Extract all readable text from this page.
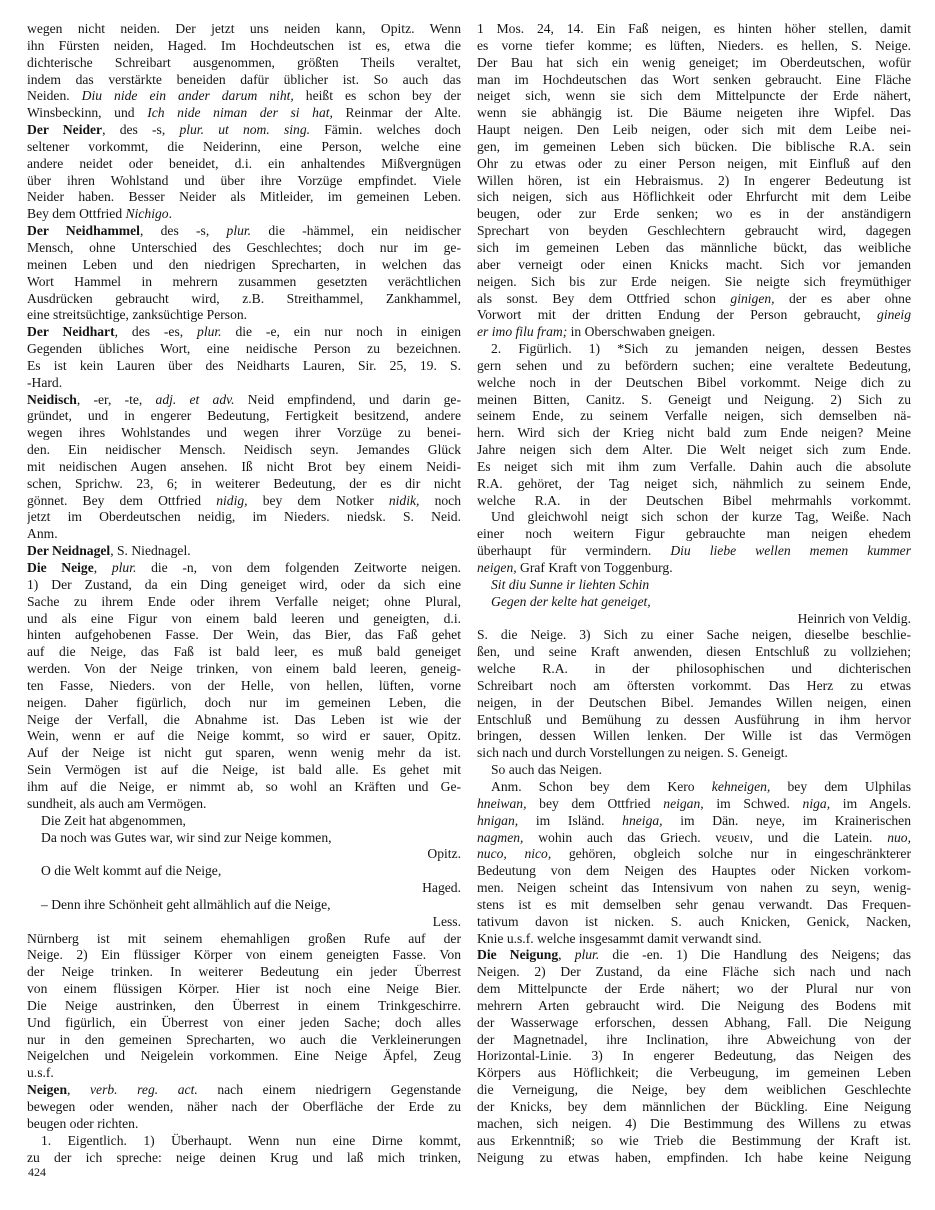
wegen nicht neiden. Der jetzt uns neiden kann, Opitz. Wenn
ihn Fürsten neiden, Haged. Im Hochdeutschen ist es, etwa die
dichterische Schreibart ausgenommen, größten Theils veraltet,
indem das verstärkte beneiden dafür üblicher ist. So auch das
Neiden. Diu nide ein ander darum niht, heißt es schon bey der
Winsbeckinn, und Ich nide niman der si hat, Reinmar der Alte.
Der Neider, des -s, plur. ut nom. sing. Fämin. welches doch
seltener vorkommt, die Neiderinn, eine Person, welche eine
andere neidet oder beneidet, d.i. ein anhaltendes Mißvergnügen
über ihren Wohlstand und über ihre Vorzüge empfindet. Viele
Neider haben. Besser Neider als Mitleider, im gemeinen Leben.
Bey dem Ottfried Nichigo.
Der Neidhammel, des -s, plur. die -hämmel, ein neidischer
Mensch, ohne Unterschied des Geschlechtes; doch nur im ge-
meinen Leben und den niedrigen Sprecharten, in welchen das
Wort Hammel in mehrern zusammen gesetzten verächtlichen
Ausdrücken gebraucht wird, z.B. Streithammel, Zankhammel,
eine streitsüchtige, zanksüchtige Person.
Der Neidhart, des -es, plur. die -e, ein nur noch in einigen
Gegenden übliches Wort, eine neidische Person zu bezeichnen.
Es ist kein Lauren über des Neidharts Lauren, Sir. 25, 19. S.
-Hard.
Neidisch, -er, -te, adj. et adv. Neid empfindend, und darin ge-
gründet, und in engerer Bedeutung, Fertigkeit besitzend, andere
wegen ihres Wohlstandes und wegen ihrer Vorzüge zu benei-
den. Ein neidischer Mensch. Neidisch seyn. Jemandes Glück
mit neidischen Augen ansehen. Iß nicht Brot bey einem Neidi-
schen, Sprichw. 23, 6; in weiterer Bedeutung, der es dir nicht
gönnet. Bey dem Ottfried nidig, bey dem Notker nidik, noch
jetzt im Oberdeutschen neidig, im Nieders. niedsk. S. Neid.
Anm.
Der Neidnagel, S. Niednagel.
Die Neige, plur. die -n, von dem folgenden Zeitworte neigen.
1) Der Zustand, da ein Ding geneiget wird, oder da sich eine
Sache zu ihrem Ende oder ihrem Verfalle neiget; ohne Plural,
und als eine Figur von einem bald leeren und geneigten, d.i.
hinten aufgehobenen Fasse. Der Wein, das Bier, das Faß gehet
auf die Neige, das Faß ist bald leer, es muß bald geneiget
werden. Von der Neige trinken, von einem bald leeren, geneig-
ten Fasse, Nieders. von der Helle, von hellen, lüften, vorne
neigen. Daher figürlich, doch nur im gemeinen Leben, die
Neige der Verfall, die Abnahme ist. Das Leben ist wie der
Wein, wenn er auf die Neige kommt, so wird er sauer, Opitz.
Auf der Neige ist nicht gut sparen, wenn wenig mehr da ist.
Sein Vermögen ist auf die Neige, ist bald alle. Es gehet mit
ihm auf die Neige, er nimmt ab, so wohl an Kräften und Ge-
sundheit, als auch am Vermögen.
Die Zeit hat abgenommen,
Da noch was Gutes war, wir sind zur Neige kommen,
Opitz.
O die Welt kommt auf die Neige,
Haged.
– Denn ihre Schönheit geht allmählich auf die Neige,
Less.
Nürnberg ist mit seinem ehemahligen großen Rufe auf der
Neige. 2) Ein flüssiger Körper von einem geneigten Fasse. Von
der Neige trinken. In weiterer Bedeutung ein jeder Überrest
von einem flüssigen Körper. Hier ist noch eine Neige Bier.
Die Neige austrinken, den Überrest in einem Trinkgeschirre.
Und figürlich, ein Überrest von einer jeden Sache; doch alles
nur in den gemeinen Sprecharten, wo auch die Verkleinerungen
Neigelchen und Neigelein vorkommen. Eine Neige Äpfel, Zeug
u.s.f.
Neigen, verb. reg. act. nach einem niedrigern Gegenstande
bewegen oder wenden, näher nach der Oberfläche der Erde zu
beugen oder richten.
1. Eigentlich. 1) Überhaupt. Wenn nun eine Dirne kommt,
zu der ich spreche: neige deinen Krug und laß mich trinken,
1 Mos. 24, 14. Ein Faß neigen, es hinten höher stellen, damit
es vorne tiefer komme; es lüften, Nieders. es hellen, S. Neige.
Der Bau hat sich ein wenig geneiget; im Oberdeutschen, wofür
man im Hochdeutschen das Wort senken gebraucht. Eine Fläche
neiget sich, wenn sie sich dem Mittelpuncte der Erde nähert,
wenn sie abhängig ist. Die Bäume neigeten ihre Wipfel. Das
Haupt neigen. Den Leib neigen, oder sich mit dem Leibe nei-
gen, im gemeinen Leben sich bücken. Die biblische R.A. sein
Ohr zu etwas oder zu einer Person neigen, mit Einfluß auf den
Willen hören, ist ein Hebraismus. 2) In engerer Bedeutung ist
sich neigen, sich aus Höflichkeit oder Ehrfurcht mit dem Leibe
beugen, oder zur Erde senken; wo es in der anständigern
Sprechart von beyden Geschlechtern gebraucht wird, dagegen
sich im gemeinen Leben das männliche bückt, das weibliche
aber verneigt oder einen Knicks macht. Sich vor jemanden
neigen. Sich bis zur Erde neigen. Sie neigte sich freymüthiger
als sonst. Bey dem Ottfried schon ginigen, der es aber ohne
Vorwort mit der dritten Endung der Person gebraucht, gineig
er imo filu fram; in Oberschwaben gneigen.
2. Figürlich. 1) *Sich zu jemanden neigen, dessen Bestes
gern sehen und zu befördern suchen; eine veraltete Bedeutung,
welche noch in der Deutschen Bibel vorkommt. Neige dich zu
meinen Bitten, Canitz. S. Geneigt und Neigung. 2) Sich zu
seinem Ende, zu seinem Verfalle neigen, sich demselben nä-
hern. Wird sich der Krieg nicht bald zum Ende neigen? Meine
Jahre neigen sich dem Alter. Die Welt neiget sich zum Ende.
Es neiget sich mit ihm zum Verfalle. Dahin auch die absolute
R.A. gehöret, der Tag neiget sich, nähmlich zu seinem Ende,
welche R.A. in der Deutschen Bibel mehrmahls vorkommt.
Und gleichwohl neigt sich schon der kurze Tag, Weiße. Nach
einer noch weitern Figur gebrauchte man neigen ehedem
überhaupt für vermindern. Diu liebe wellen memen kummer
neigen, Graf Kraft von Toggenburg.
Sit diu Sunne ir liehten Schin
Gegen der kelte hat geneiget,
Heinrich von Veldig.
S. die Neige. 3) Sich zu einer Sache neigen, dieselbe beschlie-
ßen, und seine Kraft anwenden, diesen Entschluß zu vollziehen;
welche R.A. in der philosophischen und dichterischen
Schreibart noch am öftersten vorkommt. Das Herz zu etwas
neigen, in der Deutschen Bibel. Jemandes Willen neigen, einen
Entschluß und Bemühung zu dessen Ausführung in ihm hervor
bringen, dessen Willen lenken. Der Wille ist das Vermögen
sich nach und durch Vorstellungen zu neigen. S. Geneigt.
So auch das Neigen.
Anm. Schon bey dem Kero kehneigen, bey dem Ulphilas
hneiwan, bey dem Ottfried neigan, im Schwed. niga, im Angels.
hnigan, im Isländ. hneiga, im Dän. neye, im Krainerischen
nagmen, wohin auch das Griech. νευειν, und die Latein. nuo,
nuco, nico, gehören, obgleich solche nur in eingeschränkterer
Bedeutung von dem Neigen des Hauptes oder Nicken vorkom-
men. Neigen scheint das Intensivum von nahen zu seyn, wenig-
stens ist es mit demselben sehr genau verwandt. Das Frequen-
tativum davon ist nicken. S. auch Knicken, Genick, Nacken,
Knie u.s.f. welche insgesammt damit verwandt sind.
Die Neigung, plur. die -en. 1) Die Handlung des Neigens; das
Neigen. 2) Der Zustand, da eine Fläche sich nach und nach
dem Mittelpuncte der Erde nähert; wo der Plural nur von
mehrern Arten gebraucht wird. Die Neigung des Bodens mit
der Wasserwage erforschen, dessen Abhang, Fall. Die Neigung
der Magnetnadel, ihre Inclination, ihre Abweichung von der
Horizontal-Linie. 3) In engerer Bedeutung, das Neigen des
Körpers aus Höflichkeit; die Verbeugung, im gemeinen Leben
die Verneigung, die Neige, bey dem weiblichen Geschlechte
der Knicks, bey dem männlichen der Bückling. Eine Neigung
machen, sich neigen. 4) Die Bestimmung des Willens zu etwas
aus Erkenntniß; so wie Trieb die Bestimmung der Kraft ist.
Neigung zu etwas haben, empfinden. Ich habe keine Neigung
424
